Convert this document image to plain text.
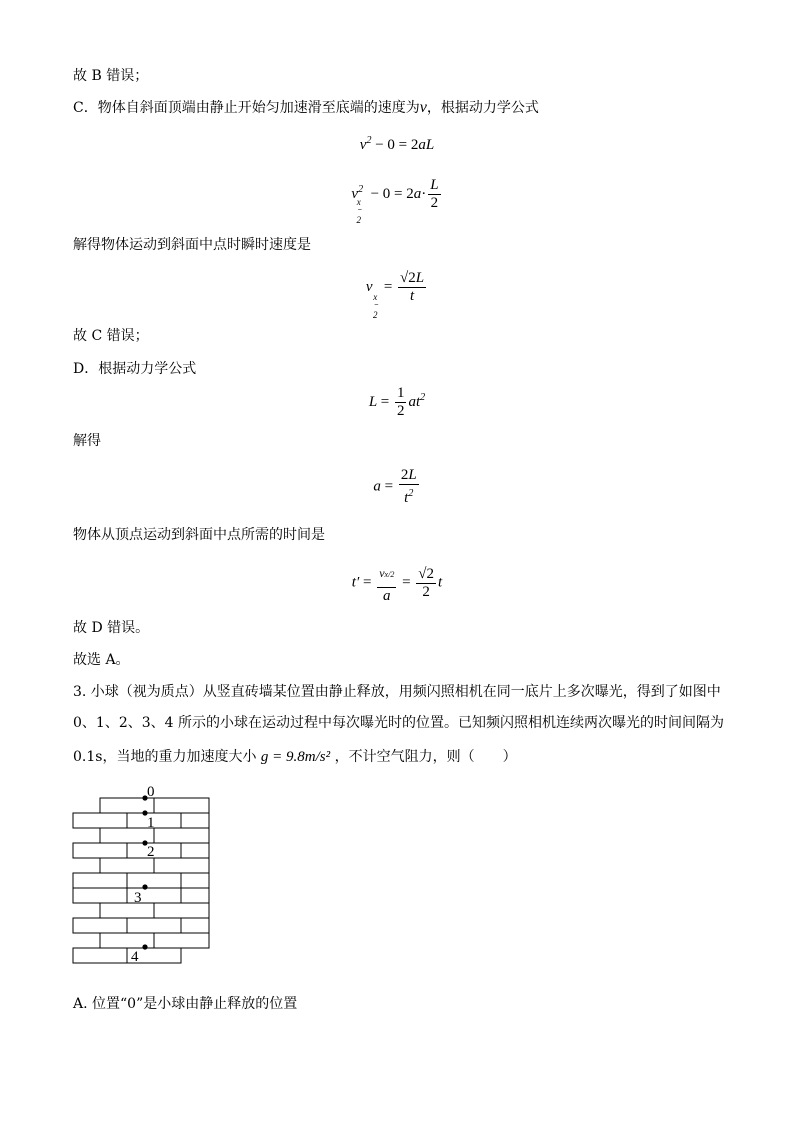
故 B 错误；
C．物体自斜面顶端由静止开始匀加速滑至底端的速度为v，根据动力学公式
$v^2 - 0 = 2aL$
$v^2$
x
⁻
2
− $0 = 2a\cdot \frac{L}{2}$
解得物体运动到斜面中点时瞬时速度是
v
x
⁻
2
= $\frac{√2L}{t}$
故 C 错误；
D．根据动力学公式
$L = \frac{1}{2} at^2$
解得
$a = \frac{2L}{t^2}$
物体从顶点运动到斜面中点所需的时间是
$t' = \frac{vx/2}{a} = \frac{√2}{2}$ t
故 D 错误。
故选 A。
3. 小球（视为质点）从竖直砖墙某位置由静止释放，用频闪照相机在同一底片上多次曝光，得到了如图中
0、1、2、3、4 所示的小球在运动过程中每次曝光时的位置。已知频闪照相机连续两次曝光的时间间隔为
0.1s，当地的重力加速度大小 g = 9.8m/s² ，不计空气阻力，则（　　）
0
1
2
3
4
A. 位置“0”是小球由静止释放的位置
